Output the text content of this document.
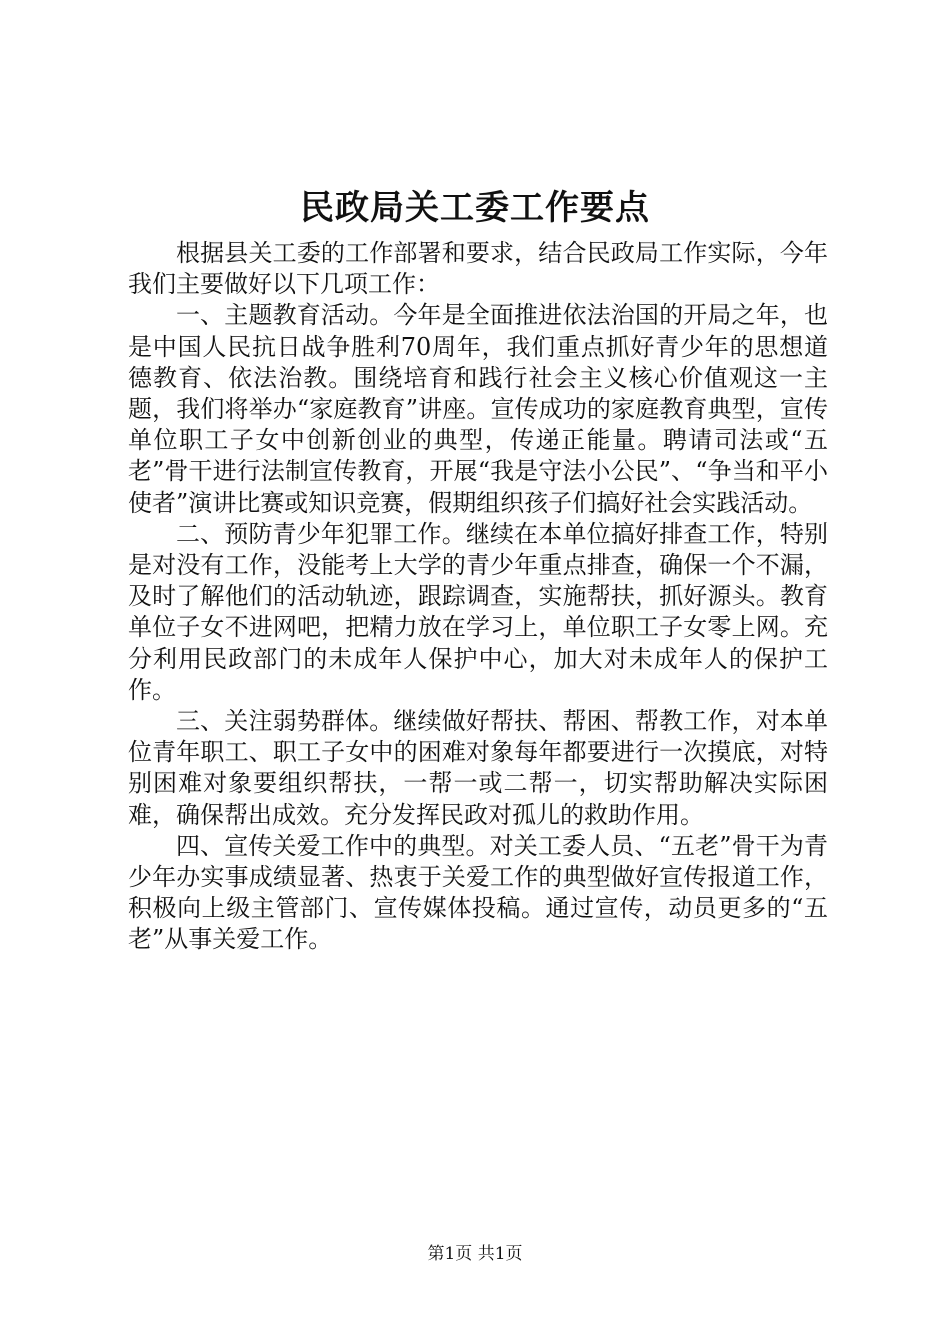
民政局关工委工作要点

根据县关工委的工作部署和要求，结合民政局工作实际，今年我们主要做好以下几项工作：

一、主题教育活动。今年是全面推进依法治国的开局之年，也是中国人民抗日战争胜利70周年，我们重点抓好青少年的思想道德教育、依法治教。围绕培育和践行社会主义核心价值观这一主题，我们将举办“家庭教育”讲座。宣传成功的家庭教育典型，宣传单位职工子女中创新创业的典型，传递正能量。聘请司法或“五老”骨干进行法制宣传教育，开展“我是守法小公民”、“争当和平小使者”演讲比赛或知识竞赛，假期组织孩子们搞好社会实践活动。

二、预防青少年犯罪工作。继续在本单位搞好排查工作，特别是对没有工作，没能考上大学的青少年重点排查，确保一个不漏，及时了解他们的活动轨迹，跟踪调查，实施帮扶，抓好源头。教育单位子女不进网吧，把精力放在学习上，单位职工子女零上网。充分利用民政部门的未成年人保护中心，加大对未成年人的保护工作。

三、关注弱势群体。继续做好帮扶、帮困、帮教工作，对本单位青年职工、职工子女中的困难对象每年都要进行一次摸底，对特别困难对象要组织帮扶，一帮一或二帮一，切实帮助解决实际困难，确保帮出成效。充分发挥民政对孤儿的救助作用。

四、宣传关爱工作中的典型。对关工委人员、“五老”骨干为青少年办实事成绩显著、热衷于关爱工作的典型做好宣传报道工作，积极向上级主管部门、宣传媒体投稿。通过宣传，动员更多的“五老”从事关爱工作。

第1页 共1页
